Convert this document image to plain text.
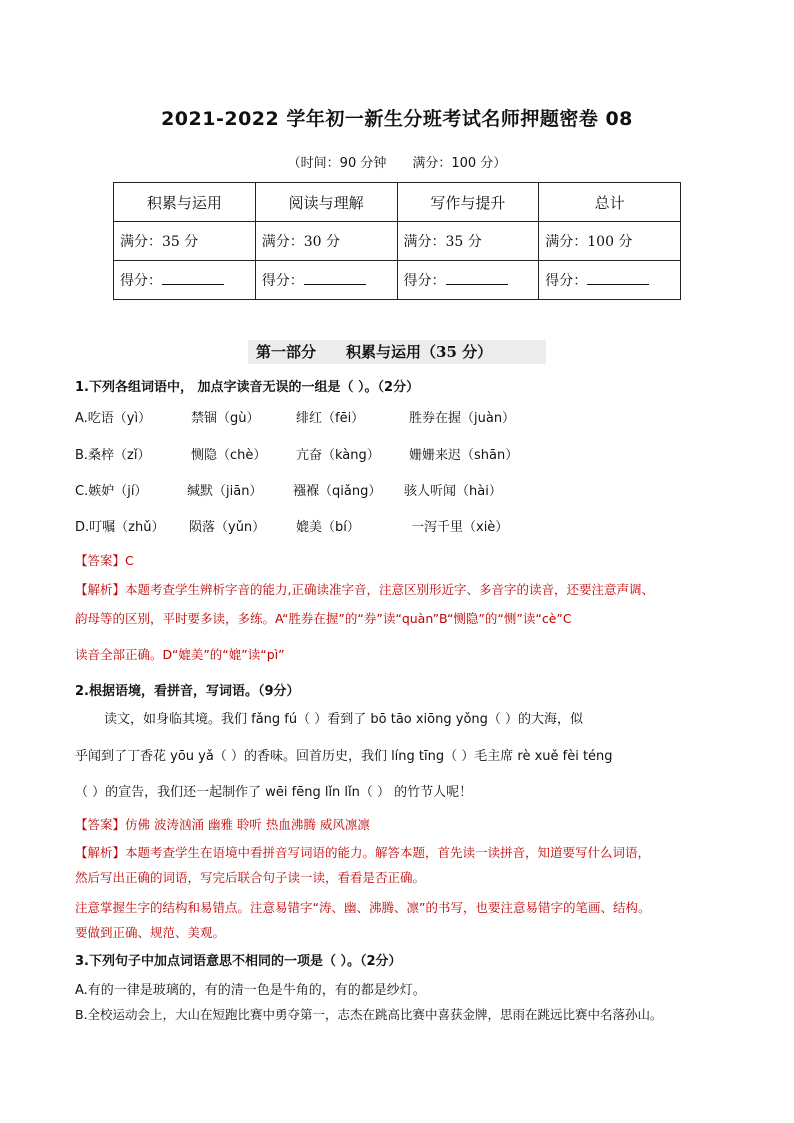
2021-2022 学年初一新生分班考试名师押题密卷 08
（时间：90 分钟 满分：100 分）
积累与运用	阅读与理解	写作与提升	总计
满分：35 分	满分：30 分	满分：35 分	满分：100 分
得分：	得分：	得分：	得分：
第一部分 积累与运用（35 分）
1.下列各组词语中， 加点字读音无误的一组是（ ）。（2分）
A.吃语（yì）	禁锢（gù）	绯红（fēi）	胜券在握（juàn）
B.桑梓（zǐ）	恻隐（chè） 亢奋（kàng） 姗姗来迟（shān）
C.嫉妒（jí）	缄默（jiān） 襁褓（qiǎng） 骇人听闻（hài）
D.叮嘱（zhǔ） 陨落（yǔn） 媲美（bí）	一泻千里（xiè）
【答案】C
【解析】本题考查学生辨析字音的能力,正确读准字音，注意区别形近字、多音字的读音，还要注意声调、
韵母等的区别，平时要多读，多练。A“胜券在握”的“券”读“quàn”B“恻隐”的“恻”读“cè”C
读音全部正确。D“媲美”的“媲”读“pì”
2.根据语境，看拼音，写词语。（9分）
读文，如身临其境。我们 fǎng fú（ ）看到了 bō tāo xiōng yǒng（ ）的大海，似
乎闻到了丁香花 yōu yǎ（ ）的香味。回首历史，我们 líng tīng（ ）毛主席 rè xuě fèi téng
（ ）的宣告，我们还一起制作了 wēi fēng lǐn lǐn（ ） 的竹节人呢！
【答案】仿佛 波涛汹涌 幽雅 聆听 热血沸腾 威风凛凛
【解析】本题考查学生在语境中看拼音写词语的能力。解答本题，首先读一读拼音，知道要写什么词语，
然后写出正确的词语，写完后联合句子读一读，看看是否正确。
注意掌握生字的结构和易错点。注意易错字“涛、幽、沸腾、凛”的书写，也要注意易错字的笔画、结构。
要做到正确、规范、美观。
3.下列句子中加点词语意思不相同的一项是（ ）。（2分）
A.有的一律是玻璃的，有的清一色是牛角的，有的都是纱灯。
B.全校运动会上，大山在短跑比赛中勇夺第一，志杰在跳高比赛中喜获金牌，思雨在跳远比赛中名落孙山。
